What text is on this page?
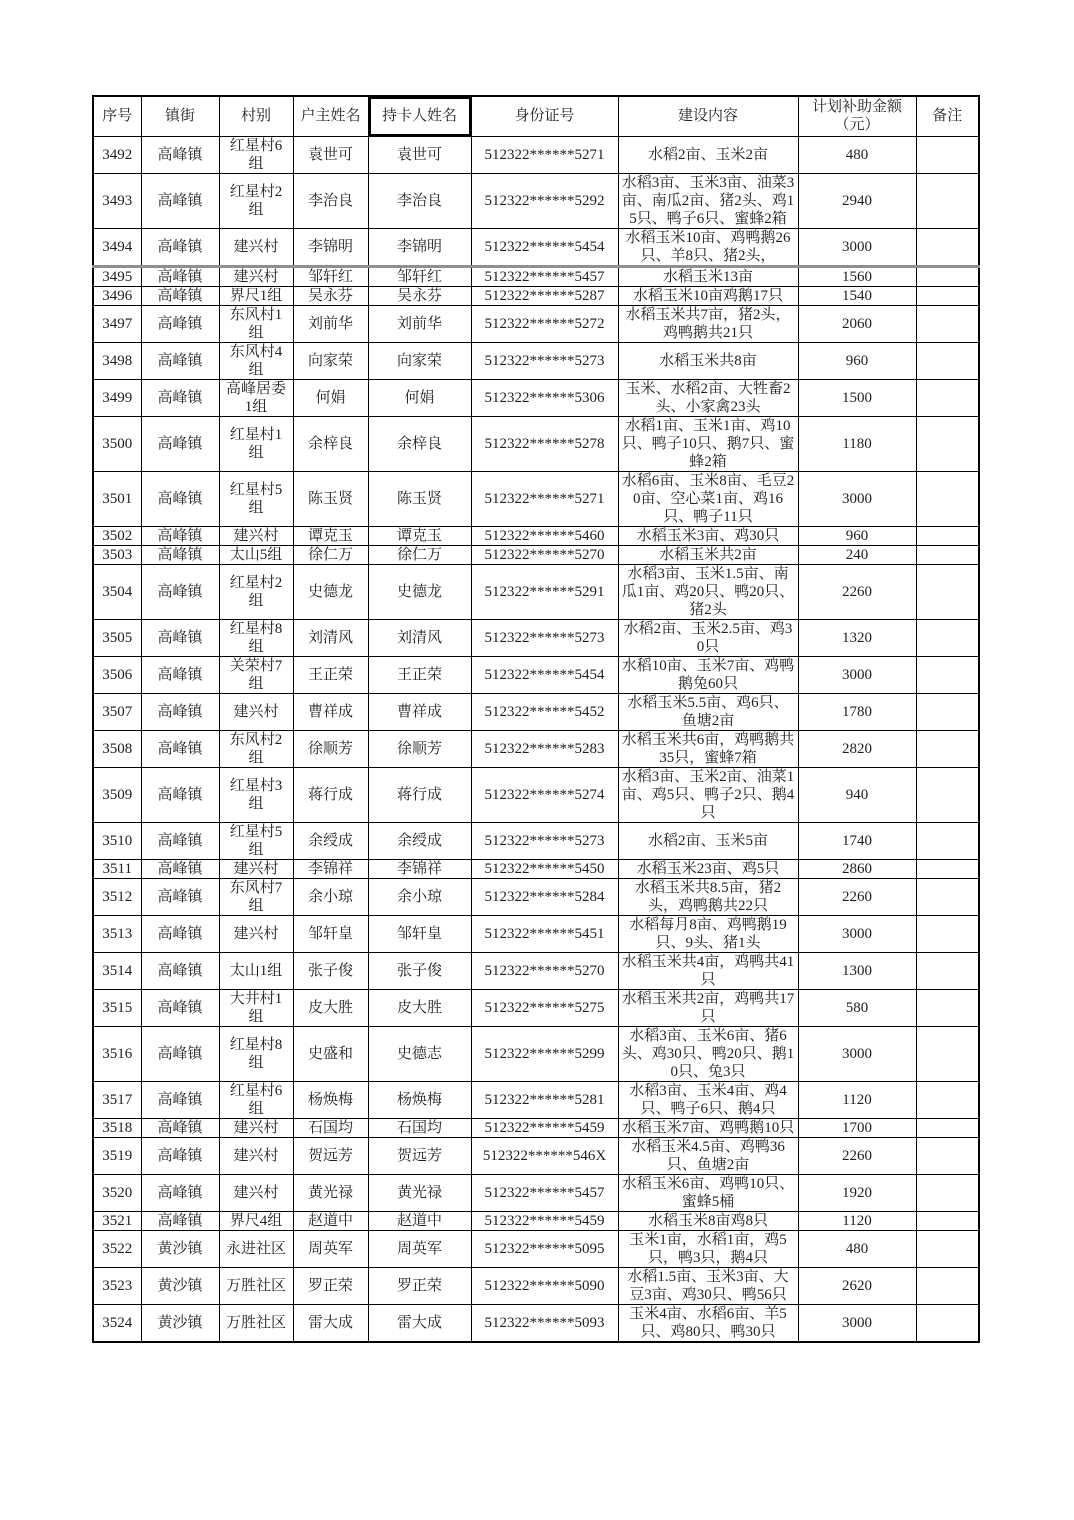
序号	镇街	村别	户主姓名	持卡人姓名	身份证号	建设内容	计划补助金额（元）	备注
3492	高峰镇	红星村6组	袁世可	袁世可	512322******5271	水稻2亩、玉米2亩	480	
3493	高峰镇	红星村2组	李治良	李治良	512322******5292	水稻3亩、玉米3亩、油菜3亩、南瓜2亩、猪2头、鸡15只、鸭子6只、蜜蜂2箱	2940	
3494	高峰镇	建兴村	李锦明	李锦明	512322******5454	水稻玉米10亩、鸡鸭鹅26只、羊8只、猪2头，	3000	
3495	高峰镇	建兴村	邹轩红	邹轩红	512322******5457	水稻玉米13亩	1560	
3496	高峰镇	界尺1组	吴永芬	吴永芬	512322******5287	水稻玉米10亩鸡鹅17只	1540	
3497	高峰镇	东风村1组	刘前华	刘前华	512322******5272	水稻玉米共7亩，猪2头，鸡鸭鹅共21只	2060	
3498	高峰镇	东风村4组	向家荣	向家荣	512322******5273	水稻玉米共8亩	960	
3499	高峰镇	高峰居委1组	何娟	何娟	512322******5306	玉米、水稻2亩、大牲畜2头、小家禽23头	1500	
3500	高峰镇	红星村1组	余梓良	余梓良	512322******5278	水稻1亩、玉米1亩、鸡10只、鸭子10只、鹅7只、蜜蜂2箱	1180	
3501	高峰镇	红星村5组	陈玉贤	陈玉贤	512322******5271	水稻6亩、玉米8亩、毛豆20亩、空心菜1亩、鸡16只、鸭子11只	3000	
3502	高峰镇	建兴村	谭克玉	谭克玉	512322******5460	水稻玉米3亩、鸡30只	960	
3503	高峰镇	太山5组	徐仁万	徐仁万	512322******5270	水稻玉米共2亩	240	
3504	高峰镇	红星村2组	史德龙	史德龙	512322******5291	水稻3亩、玉米1.5亩、南瓜1亩、鸡20只、鸭20只、猪2头	2260	
3505	高峰镇	红星村8组	刘清风	刘清风	512322******5273	水稻2亩、玉米2.5亩、鸡30只	1320	
3506	高峰镇	关荣村7组	王正荣	王正荣	512322******5454	水稻10亩、玉米7亩、鸡鸭鹅兔60只	3000	
3507	高峰镇	建兴村	曹祥成	曹祥成	512322******5452	水稻玉米5.5亩、鸡6只、鱼塘2亩	1780	
3508	高峰镇	东风村2组	徐顺芳	徐顺芳	512322******5283	水稻玉米共6亩，鸡鸭鹅共35只，蜜蜂7箱	2820	
3509	高峰镇	红星村3组	蒋行成	蒋行成	512322******5274	水稻3亩、玉米2亩、油菜1亩、鸡5只、鸭子2只、鹅4只	940	
3510	高峰镇	红星村5组	余绶成	余绶成	512322******5273	水稻2亩、玉米5亩	1740	
3511	高峰镇	建兴村	李锦祥	李锦祥	512322******5450	水稻玉米23亩、鸡5只	2860	
3512	高峰镇	东风村7组	余小琼	余小琼	512322******5284	水稻玉米共8.5亩，猪2头，鸡鸭鹅共22只	2260	
3513	高峰镇	建兴村	邹轩皇	邹轩皇	512322******5451	水稻每月8亩、鸡鸭鹅19只、9头、猪1头	3000	
3514	高峰镇	太山1组	张子俊	张子俊	512322******5270	水稻玉米共4亩，鸡鸭共41只	1300	
3515	高峰镇	大井村1组	皮大胜	皮大胜	512322******5275	水稻玉米共2亩，鸡鸭共17只	580	
3516	高峰镇	红星村8组	史盛和	史德志	512322******5299	水稻3亩、玉米6亩、猪6头、鸡30只、鸭20只、鹅10只、兔3只	3000	
3517	高峰镇	红星村6组	杨焕梅	杨焕梅	512322******5281	水稻3亩、玉米4亩、鸡4只、鸭子6只、鹅4只	1120	
3518	高峰镇	建兴村	石国均	石国均	512322******5459	水稻玉米7亩、鸡鸭鹅10只	1700	
3519	高峰镇	建兴村	贺远芳	贺远芳	512322******546X	水稻玉米4.5亩、鸡鸭36只、鱼塘2亩	2260	
3520	高峰镇	建兴村	黄光禄	黄光禄	512322******5457	水稻玉米6亩、鸡鸭10只、蜜蜂5桶	1920	
3521	高峰镇	界尺4组	赵道中	赵道中	512322******5459	水稻玉米8亩鸡8只	1120	
3522	黄沙镇	永进社区	周英军	周英军	512322******5095	玉米1亩，水稻1亩，鸡5只，鸭3只，鹅4只	480	
3523	黄沙镇	万胜社区	罗正荣	罗正荣	512322******5090	水稻1.5亩、玉米3亩、大豆3亩、鸡30只、鸭56只	2620	
3524	黄沙镇	万胜社区	雷大成	雷大成	512322******5093	玉米4亩、水稻6亩、羊5只、鸡80只、鸭30只	3000	
